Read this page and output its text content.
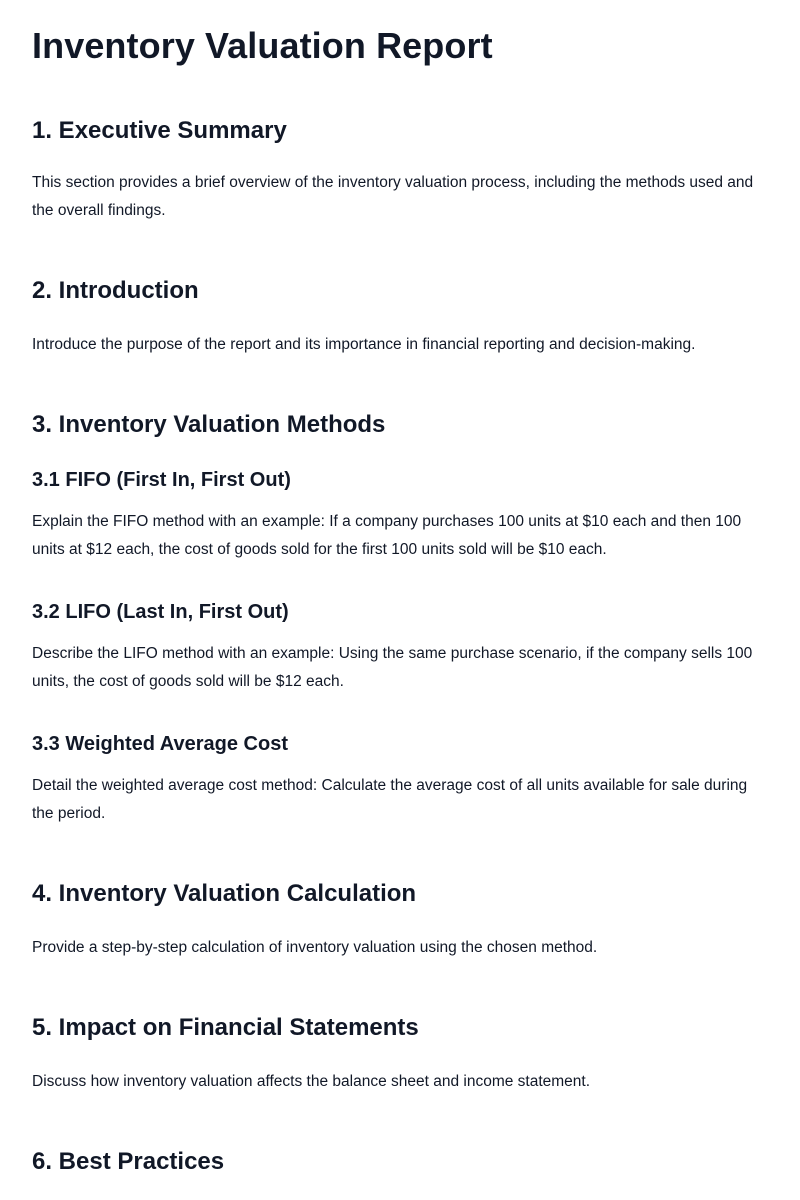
Inventory Valuation Report
1. Executive Summary

This section provides a brief overview of the inventory valuation process, including the methods used and the overall findings.

2. Introduction

Introduce the purpose of the report and its importance in financial reporting and decision-making.

3. Inventory Valuation Methods
3.1 FIFO (First In, First Out)

Explain the FIFO method with an example: If a company purchases 100 units at $10 each and then 100 units at $12 each, the cost of goods sold for the first 100 units sold will be $10 each.

3.2 LIFO (Last In, First Out)

Describe the LIFO method with an example: Using the same purchase scenario, if the company sells 100 units, the cost of goods sold will be $12 each.

3.3 Weighted Average Cost

Detail the weighted average cost method: Calculate the average cost of all units available for sale during the period.

4. Inventory Valuation Calculation

Provide a step-by-step calculation of inventory valuation using the chosen method.

5. Impact on Financial Statements

Discuss how inventory valuation affects the balance sheet and income statement.

6. Best Practices
